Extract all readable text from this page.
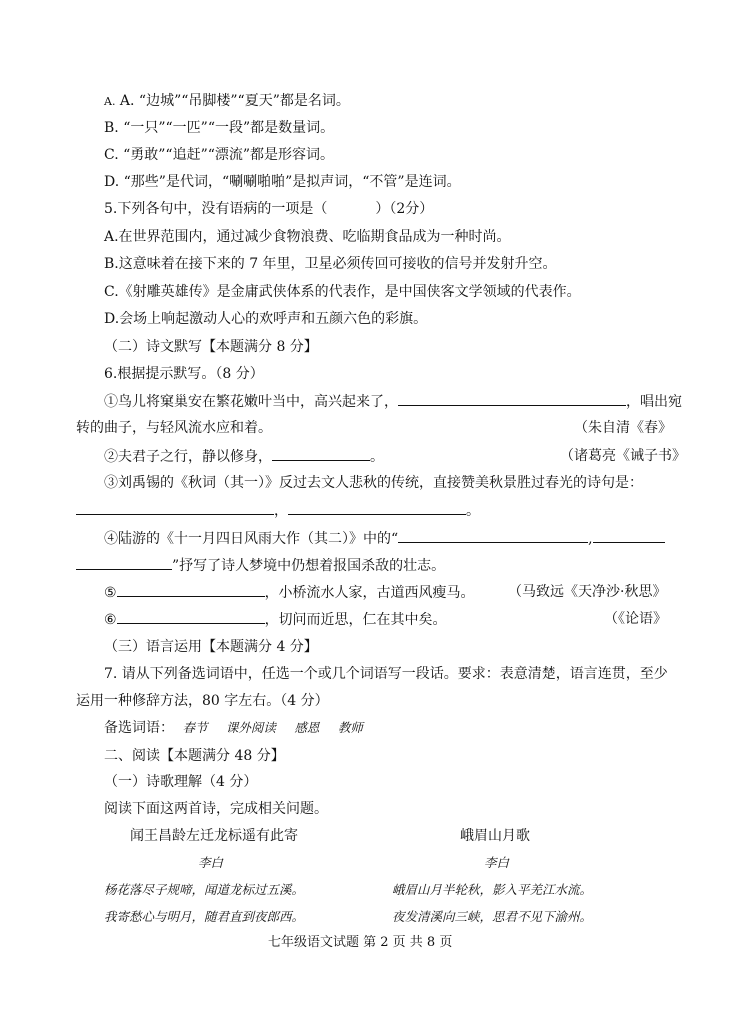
A. A. “边城”“吊脚楼”“夏天”都是名词。
B. “一只”“一匹”“一段”都是数量词。
C. “勇敢”“追赶”“漂流”都是形容词。
D. “那些”是代词，“唰唰啪啪”是拟声词，“不管”是连词。
5.下列各句中，没有语病的一项是（	）（2分）
A.在世界范围内，通过减少食物浪费、吃临期食品成为一种时尚。
B.这意味着在接下来的 7 年里，卫星必须传回可接收的信号并发射升空。
C.《射雕英雄传》是金庸武侠体系的代表作，是中国侠客文学领域的代表作。
D.会场上响起激动人心的欢呼声和五颜六色的彩旗。
（二）诗文默写【本题满分 8 分】
6.根据提示默写。（8 分）
①鸟儿将窠巢安在繁花嫩叶当中，高兴起来了，	，唱出宛
转的曲子，与轻风流水应和着。	（朱自清《春》
②夫君子之行，静以修身，	。	（诸葛亮《诫子书》
③刘禹锡的《秋词（其一）》反过去文人悲秋的传统，直接赞美秋景胜过春光的诗句是：
，	。
④陆游的《十一月四日风雨大作（其二）》中的“	,
”抒写了诗人梦境中仍想着报国杀敌的壮志。
⑤	，小桥流水人家，古道西风瘦马。 （马致远《天净沙·秋思》
⑥	，切问而近思，仁在其中矣。	（《论语》
（三）语言运用【本题满分 4 分】
7. 请从下列备选词语中，任选一个或几个词语写一段话。要求：表意清楚，语言连贯，至少
运用一种修辞方法，80 字左右。（4 分）
备选词语： 春节 课外阅读 感恩 教师
二、阅读【本题满分 48 分】
（一）诗歌理解（4 分）
阅读下面这两首诗，完成相关问题。
闻王昌龄左迁龙标遥有此寄
李白
杨花落尽子规啼，闻道龙标过五溪。
我寄愁心与明月，随君直到夜郎西。
峨眉山月歌
李白
峨眉山月半轮秋，影入平羌江水流。
夜发清溪向三峡，思君不见下渝州。
七年级语文试题 第 2 页 共 8 页
